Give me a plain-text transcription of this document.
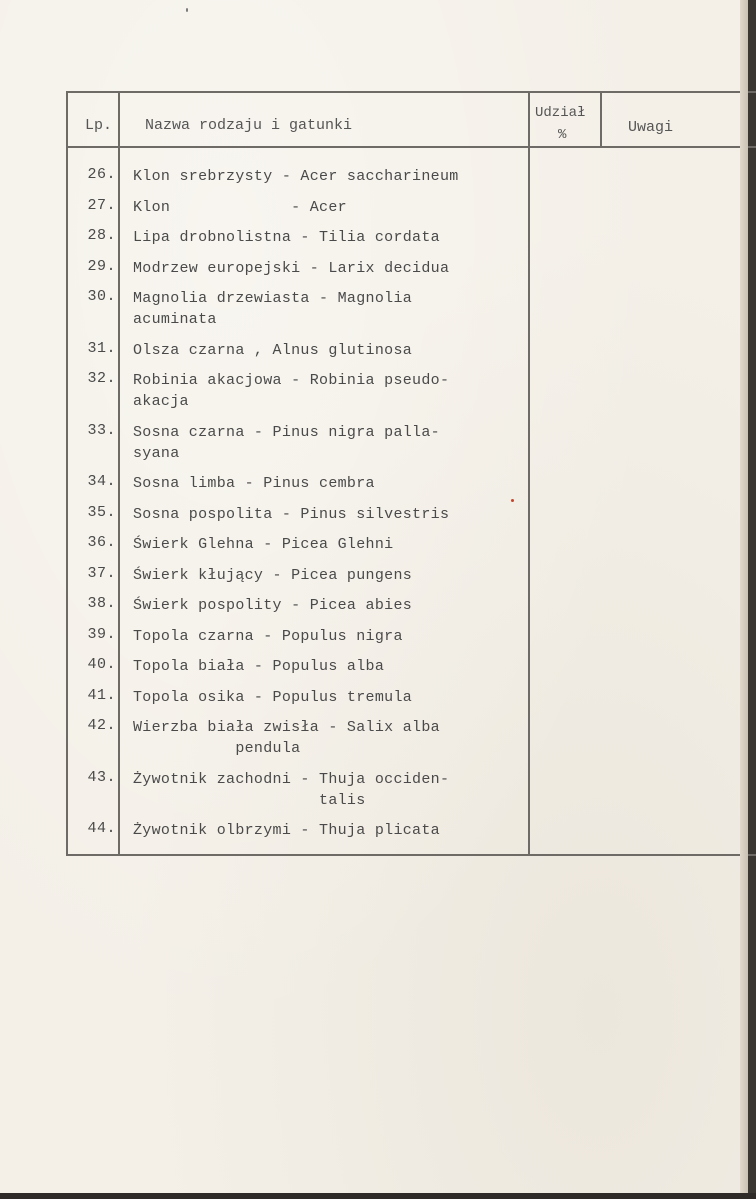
Lp. Nazwa rodzaju i gatunki
Udział
%	Uwagi
26. Klon srebrzysty - Acer saccharineum
27. Klon             - Acer
28. Lipa drobnolistna - Tilia cordata
29. Modrzew europejski - Larix decidua
30. Magnolia drzewiasta - Magnolia
acuminata
31. Olsza czarna , Alnus glutinosa
32. Robinia akacjowa - Robinia pseudo-
akacja
33. Sosna czarna - Pinus nigra palla-
syana
34. Sosna limba - Pinus cembra
35. Sosna pospolita - Pinus silvestris
36. Świerk Glehna - Picea Glehni
37. Świerk kłujący - Picea pungens
38. Świerk pospolity - Picea abies
39. Topola czarna - Populus nigra
40. Topola biała - Populus alba
41. Topola osika - Populus tremula
42. Wierzba biała zwisła - Salix alba
pendula
43. Żywotnik zachodni - Thuja occiden-
talis
44. Żywotnik olbrzymi - Thuja plicata
